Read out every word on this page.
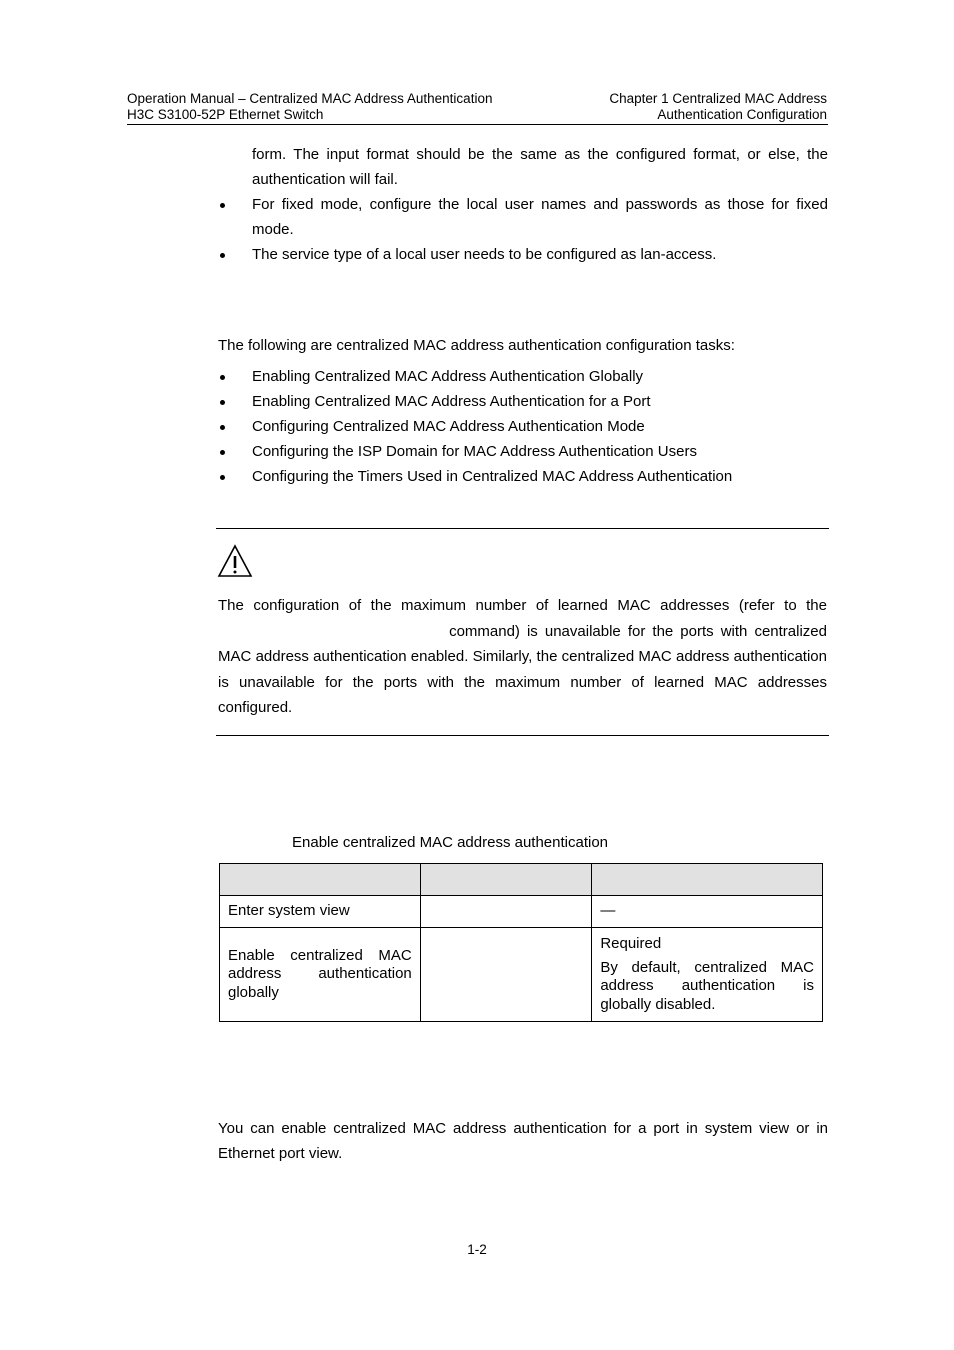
Operation Manual – Centralized MAC Address Authentication
H3C S3100-52P Ethernet Switch
Chapter 1 Centralized MAC Address
Authentication Configuration
form. The input format should be the same as the configured format, or else, the authentication will fail.
For fixed mode, configure the local user names and passwords as those for fixed mode.
The service type of a local user needs to be configured as lan-access.
The following are centralized MAC address authentication configuration tasks:
Enabling Centralized MAC Address Authentication Globally
Enabling Centralized MAC Address Authentication for a Port
Configuring Centralized MAC Address Authentication Mode
Configuring the ISP Domain for MAC Address Authentication Users
Configuring the Timers Used in Centralized MAC Address Authentication
The configuration of the maximum number of learned MAC addresses (refer to the  command) is unavailable for the ports with centralized MAC address authentication enabled. Similarly, the centralized MAC address authentication is unavailable for the ports with the maximum number of learned MAC addresses configured.
Enable centralized MAC address authentication

Enter system view		—
Enable centralized MAC address authentication globally		Required

By default, centralized MAC address authentication is globally disabled.

You can enable centralized MAC address authentication for a port in system view or in Ethernet port view.
1-2
